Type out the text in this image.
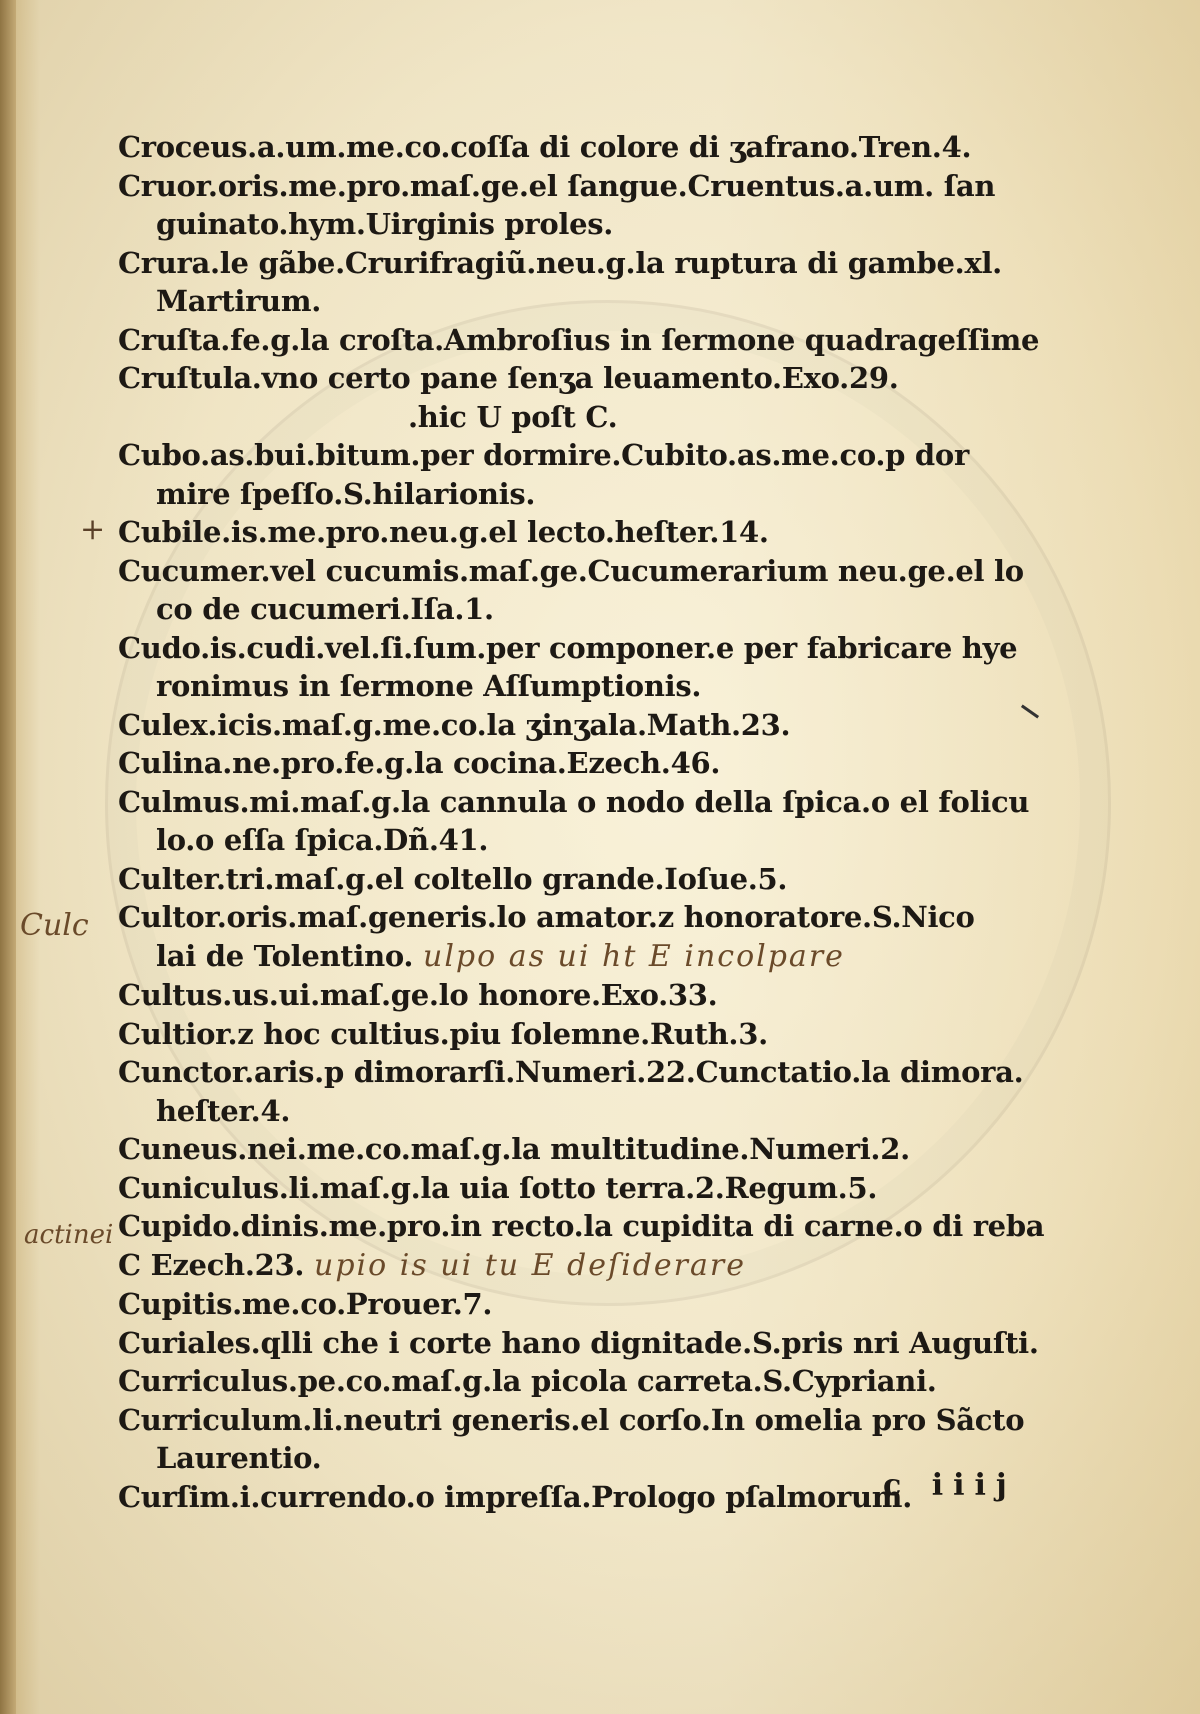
Croceus.a.um.me.co.coſſa di colore di ʒafrano.Tren.4.
Cruor.oris.me.pro.maſ.ge.el ſangue.Cruentus.a.um. ſan
guinato.hym.Uirginis proles.
Crura.le gãbe.Crurifragiũ.neu.g.la ruptura di gambe.xl.
Martirum.
Cruſta.fe.g.la croſta.Ambroſius in ſermone quadrageſſime
Cruſtula.vno certo pane ſenʒa leuamento.Exo.29.
.hic U poſt C.
Cubo.as.bui.bitum.per dormire.Cubito.as.me.co.p dor
mire ſpeſſo.S.hilarionis.
Cubile.is.me.pro.neu.g.el lecto.heſter.14.
Cucumer.vel cucumis.maſ.ge.Cucumerarium neu.ge.el lo
co de cucumeri.Iſa.1.
Cudo.is.cudi.vel.ſi.ſum.per componer.e per fabricare hye
ronimus in ſermone Aſſumptionis.
Culex.icis.maſ.g.me.co.la ʒinʒala.Math.23.
Culina.ne.pro.fe.g.la cocina.Ezech.46.
Culmus.mi.maſ.g.la cannula o nodo della ſpica.o el folicu
lo.o eſſa ſpica.Dñ.41.
Culter.tri.maſ.g.el coltello grande.Ioſue.5.
Cultor.oris.maſ.generis.lo amator.z honoratore.S.Nico
lai de Tolentino. ulpo as ui ht E incolpare
Cultus.us.ui.maſ.ge.lo honore.Exo.33.
Cultior.z hoc cultius.piu ſolemne.Ruth.3.
Cunctor.aris.p dimorarſi.Numeri.22.Cunctatio.la dimora.
heſter.4.
Cuneus.nei.me.co.maſ.g.la multitudine.Numeri.2.
Cuniculus.li.maſ.g.la uia ſotto terra.2.Regum.5.
Cupido.dinis.me.pro.in recto.la cupidita di carne.o di reba
C Ezech.23. upio is ui tu E deſiderare
Cupitis.me.co.Prouer.7.
Curiales.qlli che i corte hano dignitade.S.pris nri Auguſti.
Curriculus.pe.co.maſ.g.la picola carreta.S.Cypriani.
Curriculum.li.neutri generis.el corſo.In omelia pro Sãcto
Laurentio.
Curſim.i.currendo.o impreſſa.Prologo pſalmorum.
+
Culc
actinei
c iiij
